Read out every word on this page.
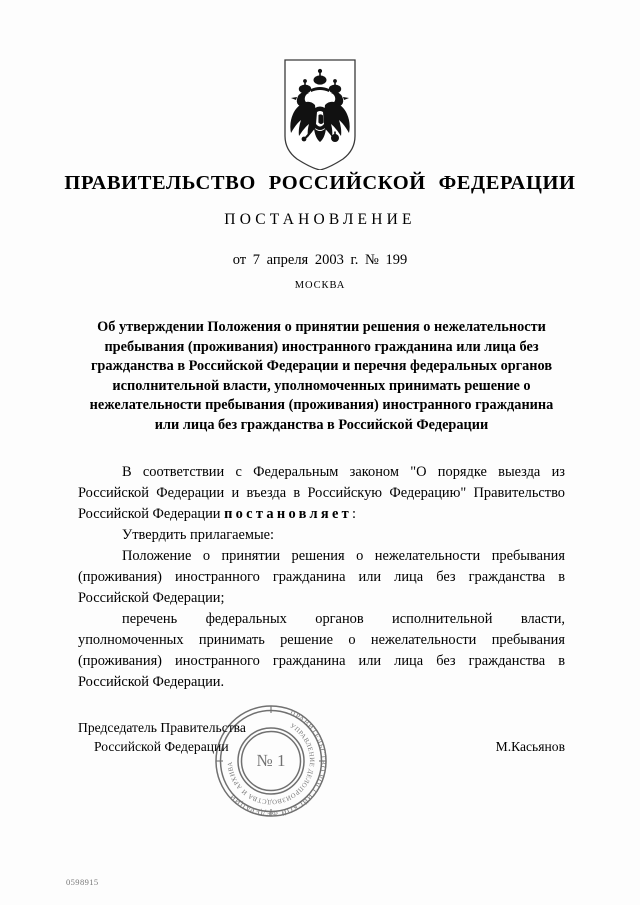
ПРАВИТЕЛЬСТВО РОССИЙСКОЙ ФЕДЕРАЦИИ
ПОСТАНОВЛЕНИЕ
от 7 апреля 2003 г. № 199
МОСКВА
Об утверждении Положения о принятии решения о нежелательности
пребывания (проживания) иностранного гражданина или лица без
гражданства в Российской Федерации и перечня федеральных органов
исполнительной власти, уполномоченных принимать решение о
нежелательности пребывания (проживания) иностранного гражданина
или лица без гражданства в Российской Федерации

В соответствии с Федеральным законом "О порядке выезда из Российской Федерации и въезда в Российскую Федерацию" Правительство Российской Федерации постановляет:

Утвердить прилагаемые:

Положение о принятии решения о нежелательности пребывания (проживания) иностранного гражданина или лица без гражданства в Российской Федерации;

перечень федеральных органов исполнительной власти, уполномоченных принимать решение о нежелательности пребывания (проживания) иностранного гражданина или лица без гражданства в Российской Федерации.

Председатель Правительства
Российской Федерации	М.Касьянов
ПРАВИТЕЛЬСТВО РОССИЙСКОЙ ФЕДЕРАЦИИ
УПРАВЛЕНИЕ ДЕЛОПРОИЗВОДСТВА И АРХИВА	№ 1
0598915
